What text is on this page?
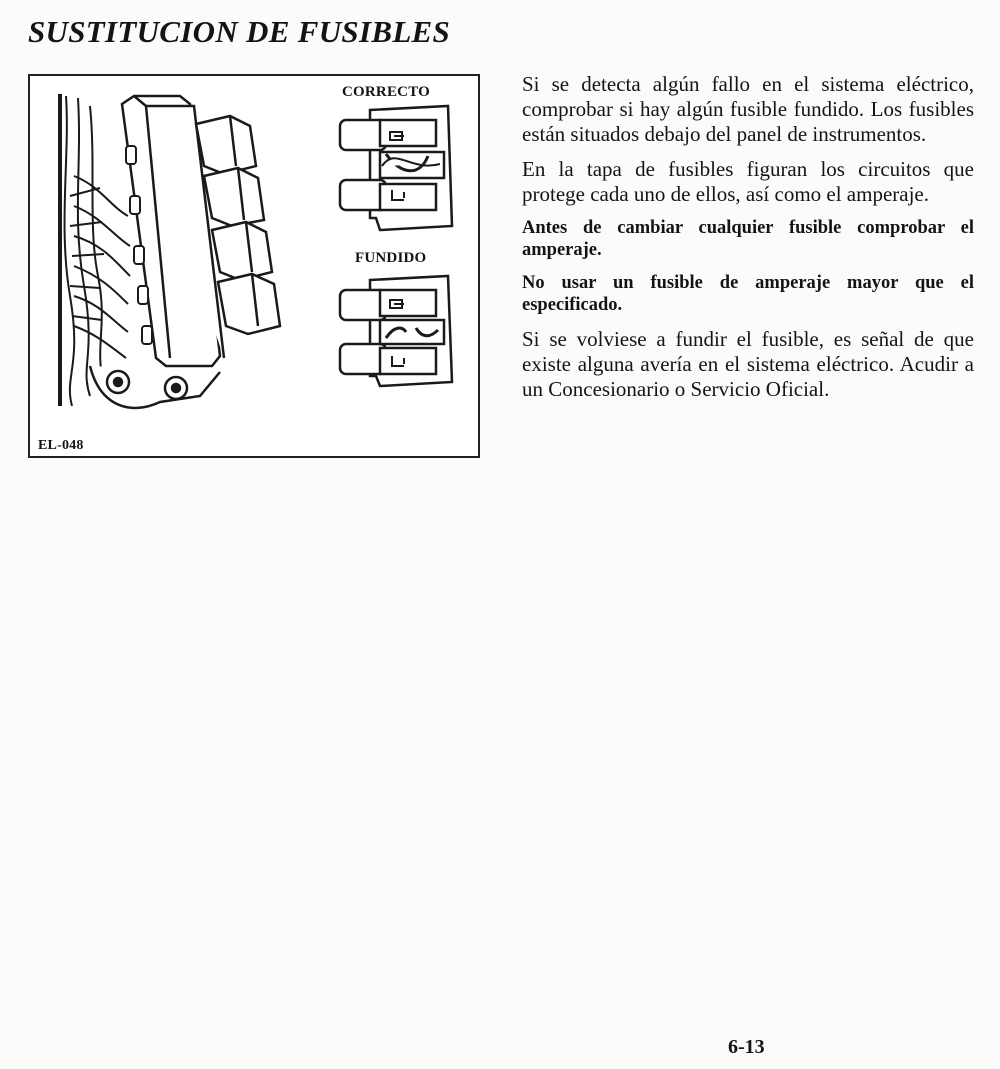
SUSTITUCION DE FUSIBLES
CORRECTO
FUNDIDO
EL-048

Si se detecta algún fallo en el sistema eléctrico, comprobar si hay algún fusible fundido. Los fusibles están situados debajo del panel de instrumentos.

En la tapa de fusibles figuran los circuitos que protege cada uno de ellos, así como el amperaje.

Antes de cambiar cualquier fusible comprobar el amperaje.

No usar un fusible de amperaje mayor que el especificado.

Si se volviese a fundir el fusible, es señal de que existe alguna avería en el sistema eléctrico. Acudir a un Concesionario o Servicio Oficial.

6-13
